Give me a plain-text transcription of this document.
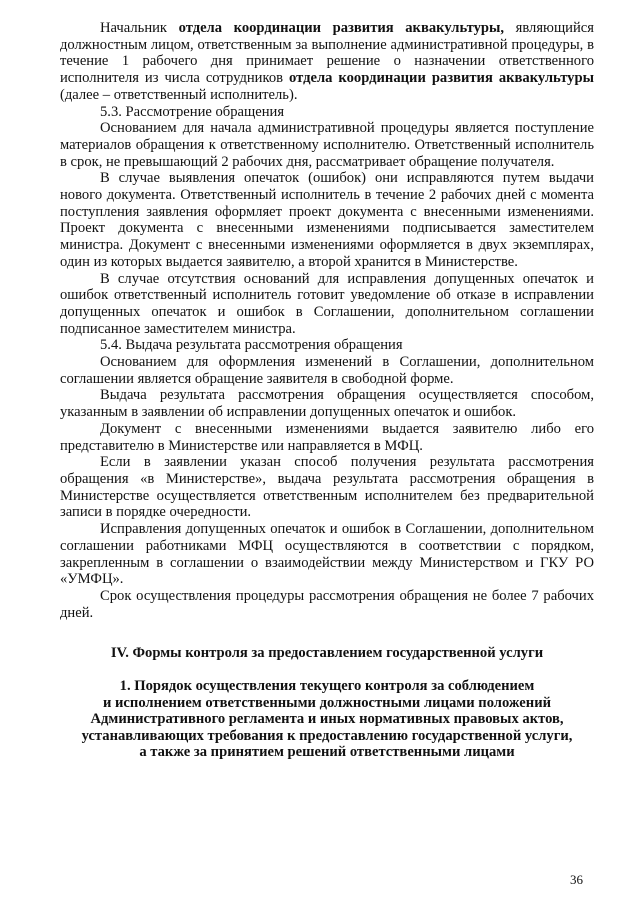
Начальник отдела координации развития аквакультуры, являющийся должностным лицом, ответственным за выполнение административной процедуры, в течение 1 рабочего дня принимает решение о назначении ответственного исполнителя из числа сотрудников отдела координации развития аквакультуры (далее – ответственный исполнитель).

5.3. Рассмотрение обращения

Основанием для начала административной процедуры является поступление материалов обращения к ответственному исполнителю. Ответственный исполнитель в срок, не превышающий 2 рабочих дня, рассматривает обращение получателя.

В случае выявления опечаток (ошибок) они исправляются путем выдачи нового документа. Ответственный исполнитель в течение 2 рабочих дней с момента поступления заявления оформляет проект документа с внесенными изменениями. Проект документа с внесенными изменениями подписывается заместителем министра. Документ с внесенными изменениями оформляется в двух экземплярах, один из которых выдается заявителю, а второй хранится в Министерстве.

В случае отсутствия оснований для исправления допущенных опечаток и ошибок ответственный исполнитель готовит уведомление об отказе в исправлении допущенных опечаток и ошибок в Соглашении, дополнительном соглашении подписанное заместителем министра.

5.4. Выдача результата рассмотрения обращения

Основанием для оформления изменений в Соглашении, дополнительном соглашении является обращение заявителя в свободной форме.

Выдача результата рассмотрения обращения осуществляется способом, указанным в заявлении об исправлении допущенных опечаток и ошибок.

Документ с внесенными изменениями выдается заявителю либо его представителю в Министерстве или направляется в МФЦ.

Если в заявлении указан способ получения результата рассмотрения обращения «в Министерстве», выдача результата рассмотрения обращения в Министерстве осуществляется ответственным исполнителем без предварительной записи в порядке очередности.

Исправления допущенных опечаток и ошибок в Соглашении, дополнительном соглашении работниками МФЦ осуществляются в соответствии с порядком, закрепленным в соглашении о взаимодействии между Министерством и ГКУ РО «УМФЦ».

Срок осуществления процедуры рассмотрения обращения не более 7 рабочих дней.

IV. Формы контроля за предоставлением государственной услуги

1. Порядок осуществления текущего контроля за соблюдением
и исполнением ответственными должностными лицами положений
Административного регламента и иных нормативных правовых актов,
устанавливающих требования к предоставлению государственной услуги,
а также за принятием решений ответственными лицами
36
